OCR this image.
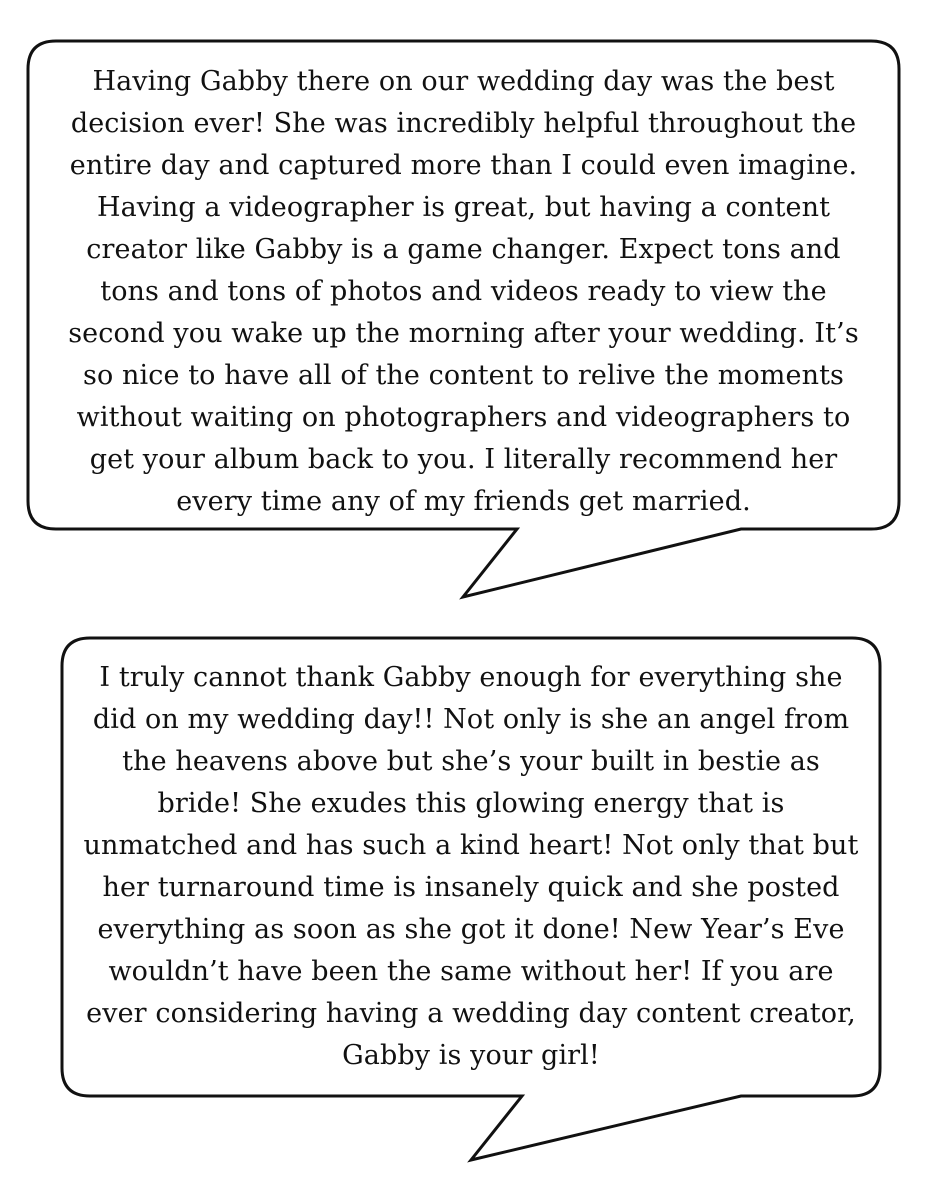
Having Gabby there on our wedding day was the best
decision ever! She was incredibly helpful throughout the
entire day and captured more than I could even imagine.
Having a videographer is great, but having a content
creator like Gabby is a game changer. Expect tons and
tons and tons of photos and videos ready to view the
second you wake up the morning after your wedding. It’s
so nice to have all of the content to relive the moments
without waiting on photographers and videographers to
get your album back to you. I literally recommend her
every time any of my friends get married.
I truly cannot thank Gabby enough for everything she
did on my wedding day!! Not only is she an angel from
the heavens above but she’s your built in bestie as
bride! She exudes this glowing energy that is
unmatched and has such a kind heart! Not only that but
her turnaround time is insanely quick and she posted
everything as soon as she got it done! New Year’s Eve
wouldn’t have been the same without her! If you are
ever considering having a wedding day content creator,
Gabby is your girl!
